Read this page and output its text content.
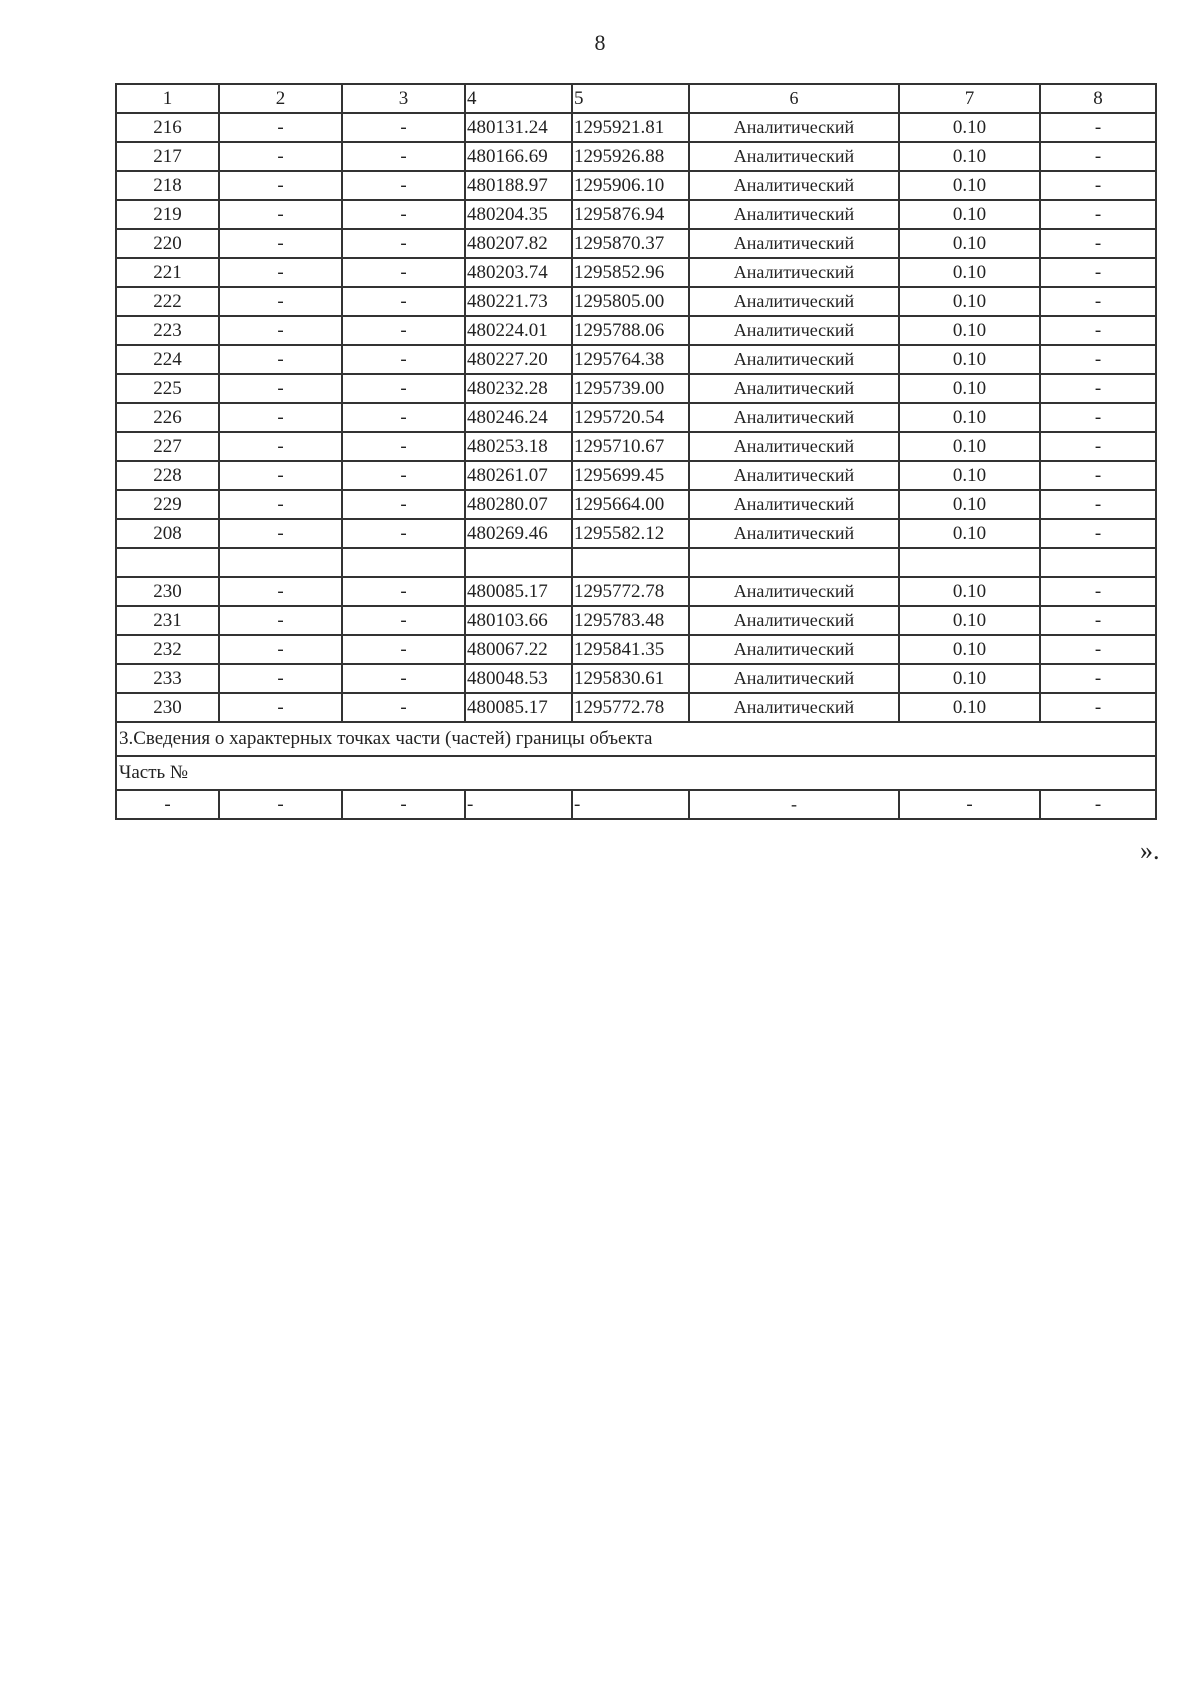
8
1	2	3	4	5	6	7	8
216	-	-	480131.24	1295921.81	Аналитический	0.10	-
217	-	-	480166.69	1295926.88	Аналитический	0.10	-
218	-	-	480188.97	1295906.10	Аналитический	0.10	-
219	-	-	480204.35	1295876.94	Аналитический	0.10	-
220	-	-	480207.82	1295870.37	Аналитический	0.10	-
221	-	-	480203.74	1295852.96	Аналитический	0.10	-
222	-	-	480221.73	1295805.00	Аналитический	0.10	-
223	-	-	480224.01	1295788.06	Аналитический	0.10	-
224	-	-	480227.20	1295764.38	Аналитический	0.10	-
225	-	-	480232.28	1295739.00	Аналитический	0.10	-
226	-	-	480246.24	1295720.54	Аналитический	0.10	-
227	-	-	480253.18	1295710.67	Аналитический	0.10	-
228	-	-	480261.07	1295699.45	Аналитический	0.10	-
229	-	-	480280.07	1295664.00	Аналитический	0.10	-
208	-	-	480269.46	1295582.12	Аналитический	0.10	-

230	-	-	480085.17	1295772.78	Аналитический	0.10	-
231	-	-	480103.66	1295783.48	Аналитический	0.10	-
232	-	-	480067.22	1295841.35	Аналитический	0.10	-
233	-	-	480048.53	1295830.61	Аналитический	0.10	-
230	-	-	480085.17	1295772.78	Аналитический	0.10	-
3.Сведения о характерных точках части (частей) границы объекта							
Часть №							
-	-	-	-	-	-	-	-
».
